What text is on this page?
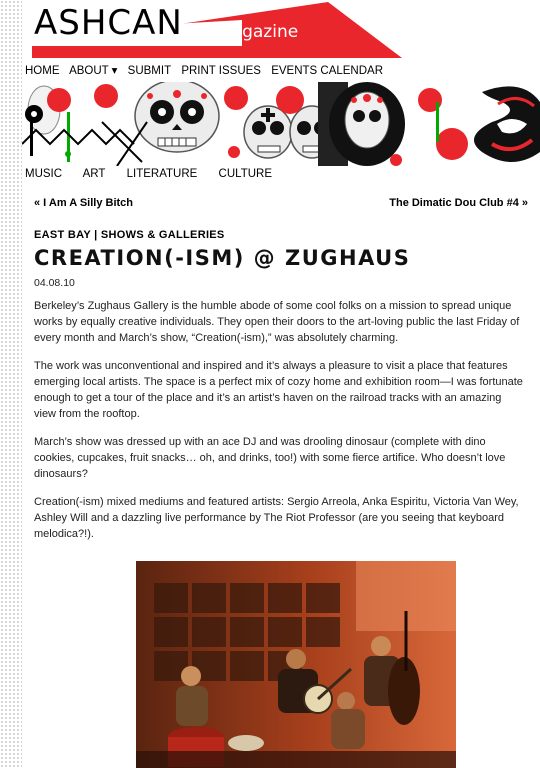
ASHCAN Magazine
HOME ABOUT ▾ SUBMIT PRINT ISSUES EVENTS CALENDAR
MUSIC ART LITERATURE CULTURE
« I Am A Silly Bitch	The Dimatic Dou Club #4 »
EAST BAY | SHOWS & GALLERIES
CREATION(-ISM) @ ZUGHAUS
04.08.10

Berkeley’s Zughaus Gallery is the humble abode of some cool folks on a mission to spread unique works by equally creative individuals. They open their doors to the art-loving public the last Friday of every month and March’s show, “Creation(-ism),” was absolutely charming.

The work was unconventional and inspired and it’s always a pleasure to visit a place that features emerging local artists. The space is a perfect mix of cozy home and exhibition room—I was fortunate enough to get a tour of the place and it’s an artist’s haven on the railroad tracks with an amazing view from the rooftop.

March’s show was dressed up with an ace DJ and was drooling dinosaur (complete with dino cookies, cupcakes, fruit snacks… oh, and drinks, too!) with some fierce artifice. Who doesn’t love dinosaurs?

Creation(-ism) mixed mediums and featured artists: Sergio Arreola, Anka Espiritu, Victoria Van Wey, Ashley Will and a dazzling live performance by The Riot Professor (are you seeing that keyboard melodica?!).
